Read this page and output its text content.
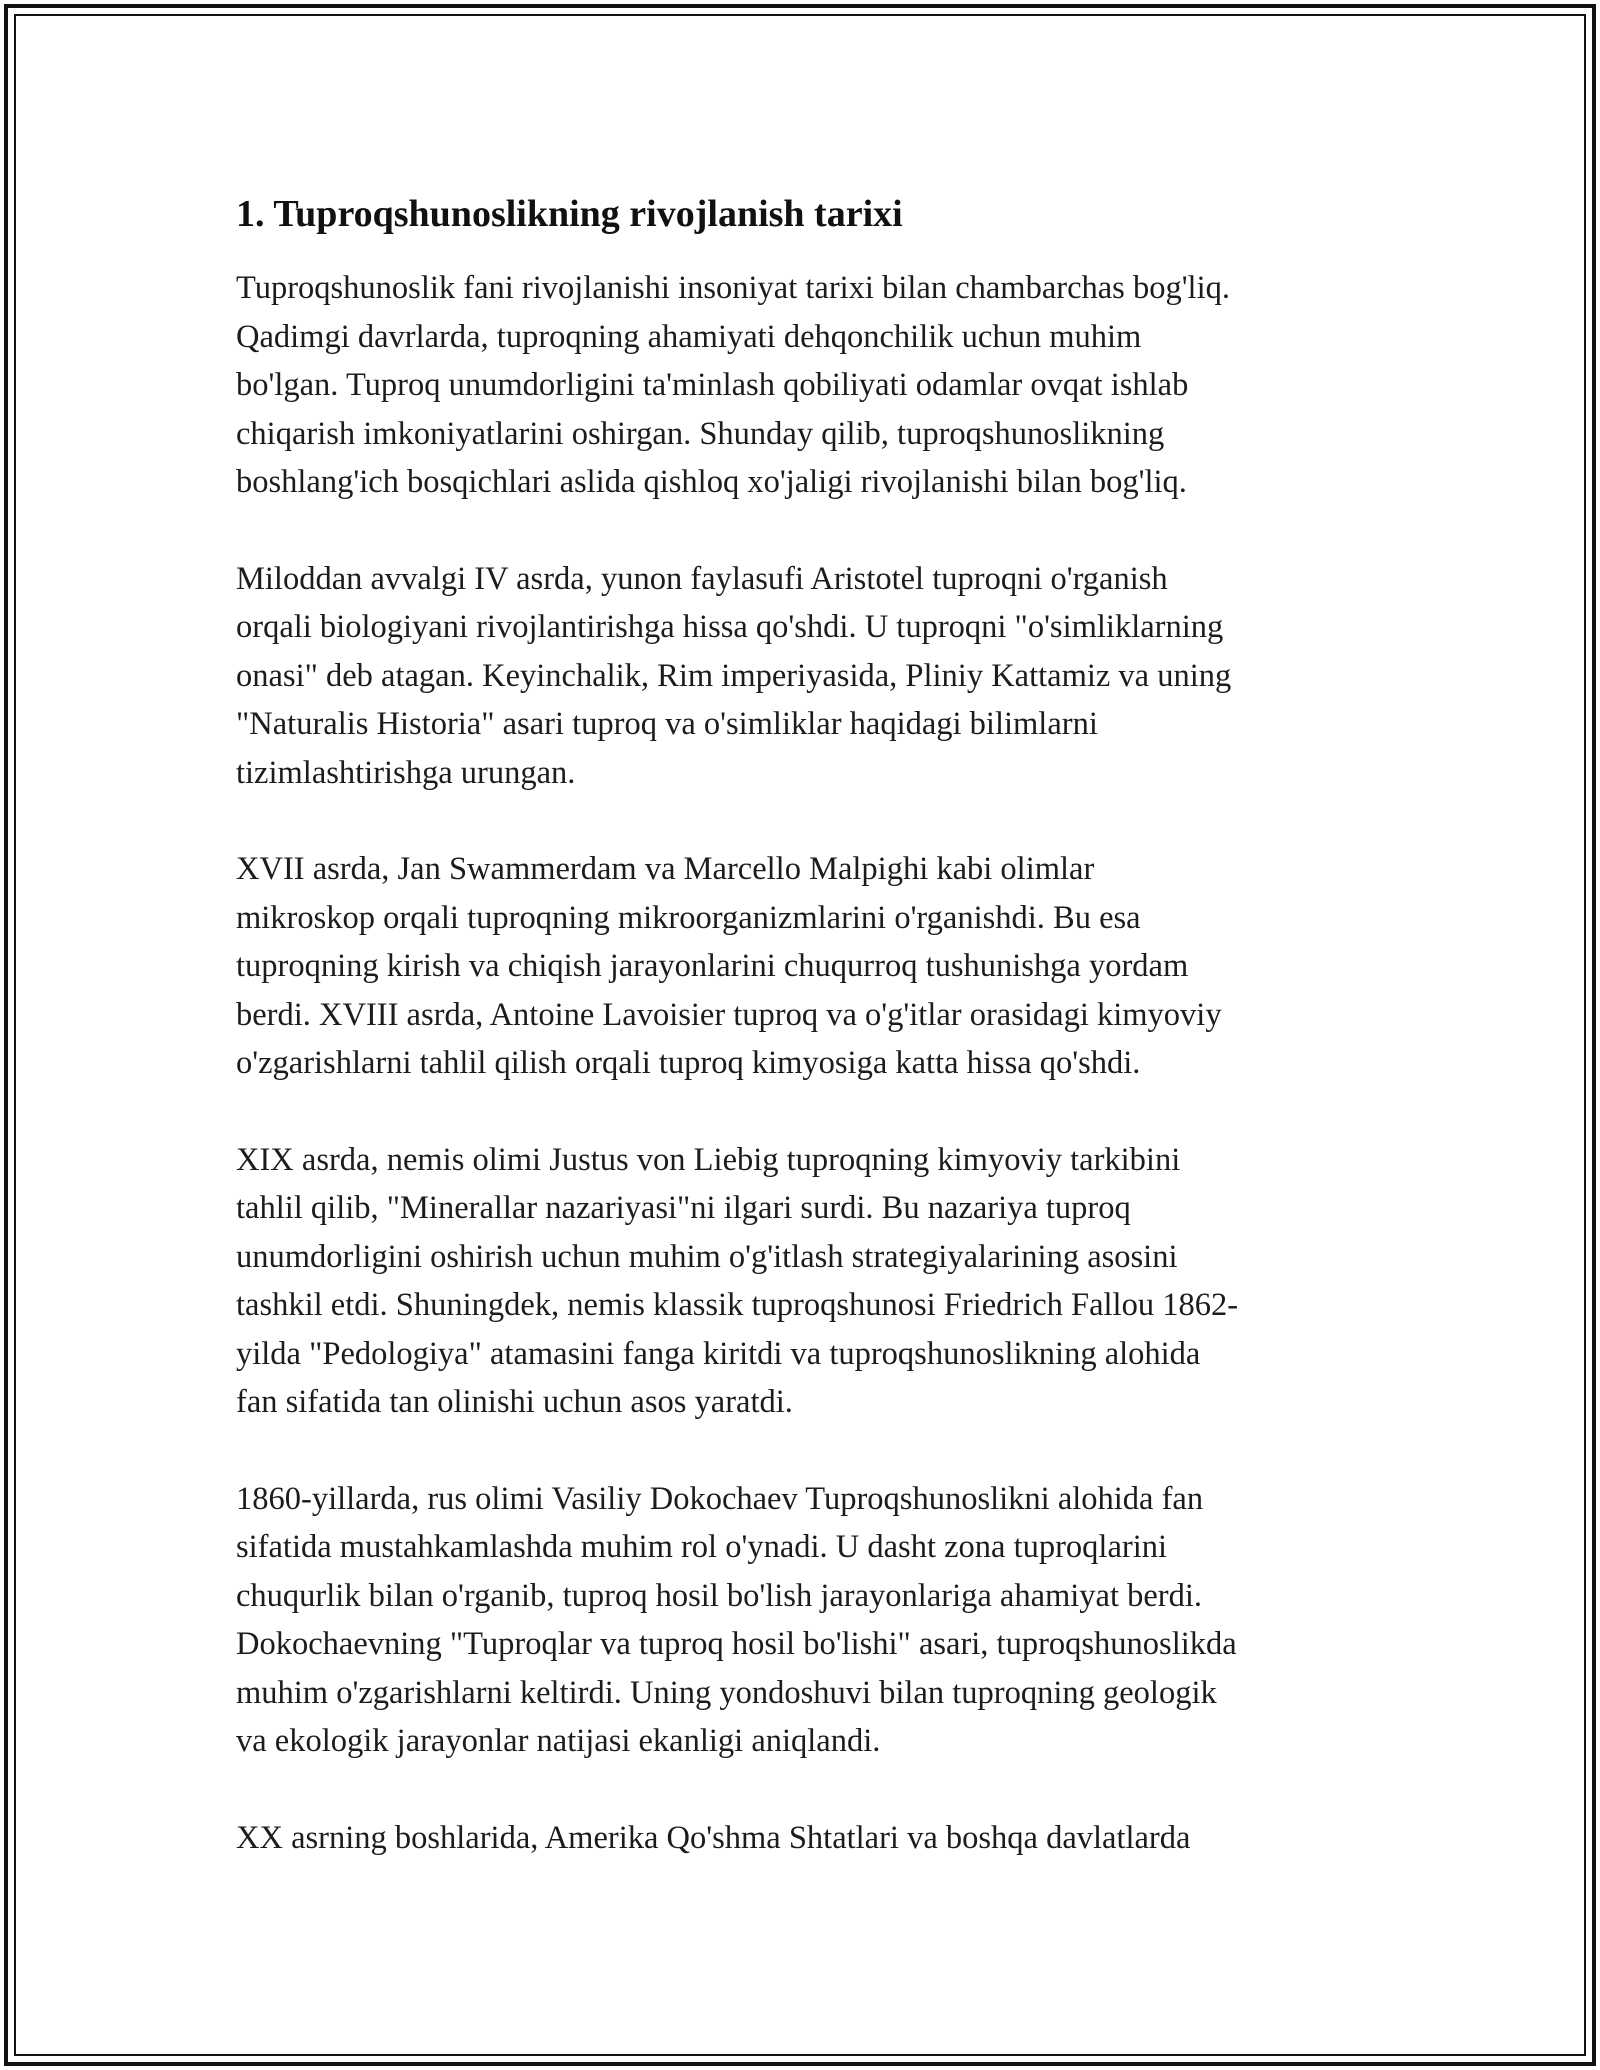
1. Tuproqshunoslikning rivojlanish tarixi

Tuproqshunoslik fani rivojlanishi insoniyat tarixi bilan chambarchas bog'liq.
Qadimgi davrlarda, tuproqning ahamiyati dehqonchilik uchun muhim
bo'lgan. Tuproq unumdorligini ta'minlash qobiliyati odamlar ovqat ishlab
chiqarish imkoniyatlarini oshirgan. Shunday qilib, tuproqshunoslikning
boshlang'ich bosqichlari aslida qishloq xo'jaligi rivojlanishi bilan bog'liq.

Miloddan avvalgi IV asrda, yunon faylasufi Aristotel tuproqni o'rganish
orqali biologiyani rivojlantirishga hissa qo'shdi. U tuproqni "o'simliklarning
onasi" deb atagan. Keyinchalik, Rim imperiyasida, Pliniy Kattamiz va uning
"Naturalis Historia" asari tuproq va o'simliklar haqidagi bilimlarni
tizimlashtirishga urungan.

XVII asrda, Jan Swammerdam va Marcello Malpighi kabi olimlar
mikroskop orqali tuproqning mikroorganizmlarini o'rganishdi. Bu esa
tuproqning kirish va chiqish jarayonlarini chuqurroq tushunishga yordam
berdi. XVIII asrda, Antoine Lavoisier tuproq va o'g'itlar orasidagi kimyoviy
o'zgarishlarni tahlil qilish orqali tuproq kimyosiga katta hissa qo'shdi.

XIX asrda, nemis olimi Justus von Liebig tuproqning kimyoviy tarkibini
tahlil qilib, "Minerallar nazariyasi"ni ilgari surdi. Bu nazariya tuproq
unumdorligini oshirish uchun muhim o'g'itlash strategiyalarining asosini
tashkil etdi. Shuningdek, nemis klassik tuproqshunosi Friedrich Fallou 1862-
yilda "Pedologiya" atamasini fanga kiritdi va tuproqshunoslikning alohida
fan sifatida tan olinishi uchun asos yaratdi.

1860-yillarda, rus olimi Vasiliy Dokochaev Tuproqshunoslikni alohida fan
sifatida mustahkamlashda muhim rol o'ynadi. U dasht zona tuproqlarini
chuqurlik bilan o'rganib, tuproq hosil bo'lish jarayonlariga ahamiyat berdi.
Dokochaevning "Tuproqlar va tuproq hosil bo'lishi" asari, tuproqshunoslikda
muhim o'zgarishlarni keltirdi. Uning yondoshuvi bilan tuproqning geologik
va ekologik jarayonlar natijasi ekanligi aniqlandi.

XX asrning boshlarida, Amerika Qo'shma Shtatlari va boshqa davlatlarda
